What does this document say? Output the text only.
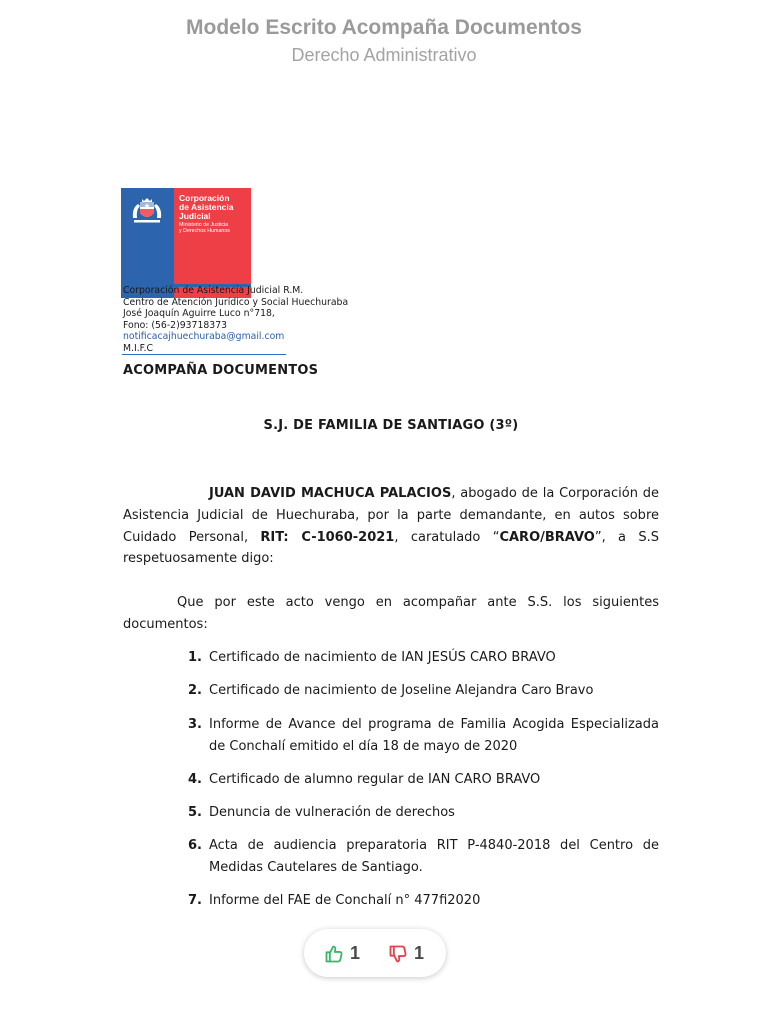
Modelo Escrito Acompaña Documentos
Derecho Administrativo
Corporación
de Asistencia
Judicial
Ministerio de Justicia
y Derechos Humanos
Corporación de Asistencia Judicial R.M.
Centro de Atención Jurídico y Social Huechuraba
José Joaquín Aguirre Luco n°718,
Fono: (56-2)93718373
notificacajhuechuraba@gmail.com
M.I.F.C
ACOMPAÑA DOCUMENTOS
S.J. DE FAMILIA DE SANTIAGO (3º)
JUAN DAVID MACHUCA PALACIOS, abogado de la Corporación de Asistencia Judicial de Huechuraba, por la parte demandante, en autos sobre Cuidado Personal, RIT: C-1060-2021, caratulado “CARO/BRAVO”, a S.S respetuosamente digo:
Que por este acto vengo en acompañar ante S.S. los siguientes documentos:
1. Certificado de nacimiento de IAN JESÚS CARO BRAVO
2. Certificado de nacimiento de Joseline Alejandra Caro Bravo
3. Informe de Avance del programa de Familia Acogida Especializada de Conchalí emitido el día 18 de mayo de 2020
4. Certificado de alumno regular de IAN CARO BRAVO
5. Denuncia de vulneración de derechos
6. Acta de audiencia preparatoria RIT P-4840-2018 del Centro de Medidas Cautelares de Santiago.
7. Informe del FAE de Conchalí n° 477fi2020
1	1
